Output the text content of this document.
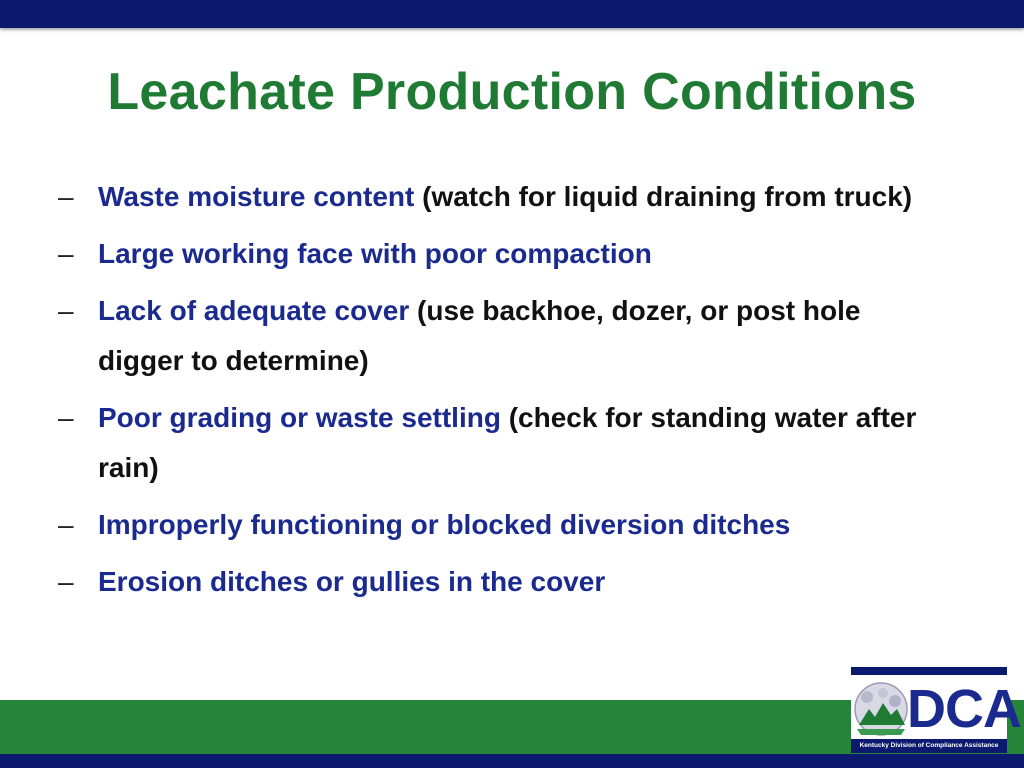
Leachate Production Conditions
– Waste moisture content (watch for liquid draining from truck)
– Large working face with poor compaction
– Lack of adequate cover (use backhoe, dozer, or post hole digger to determine)
– Poor grading or waste settling (check for standing water after rain)
– Improperly functioning or blocked diversion ditches
– Erosion ditches or gullies in the cover
DCA
Kentucky Division of Compliance Assistance
